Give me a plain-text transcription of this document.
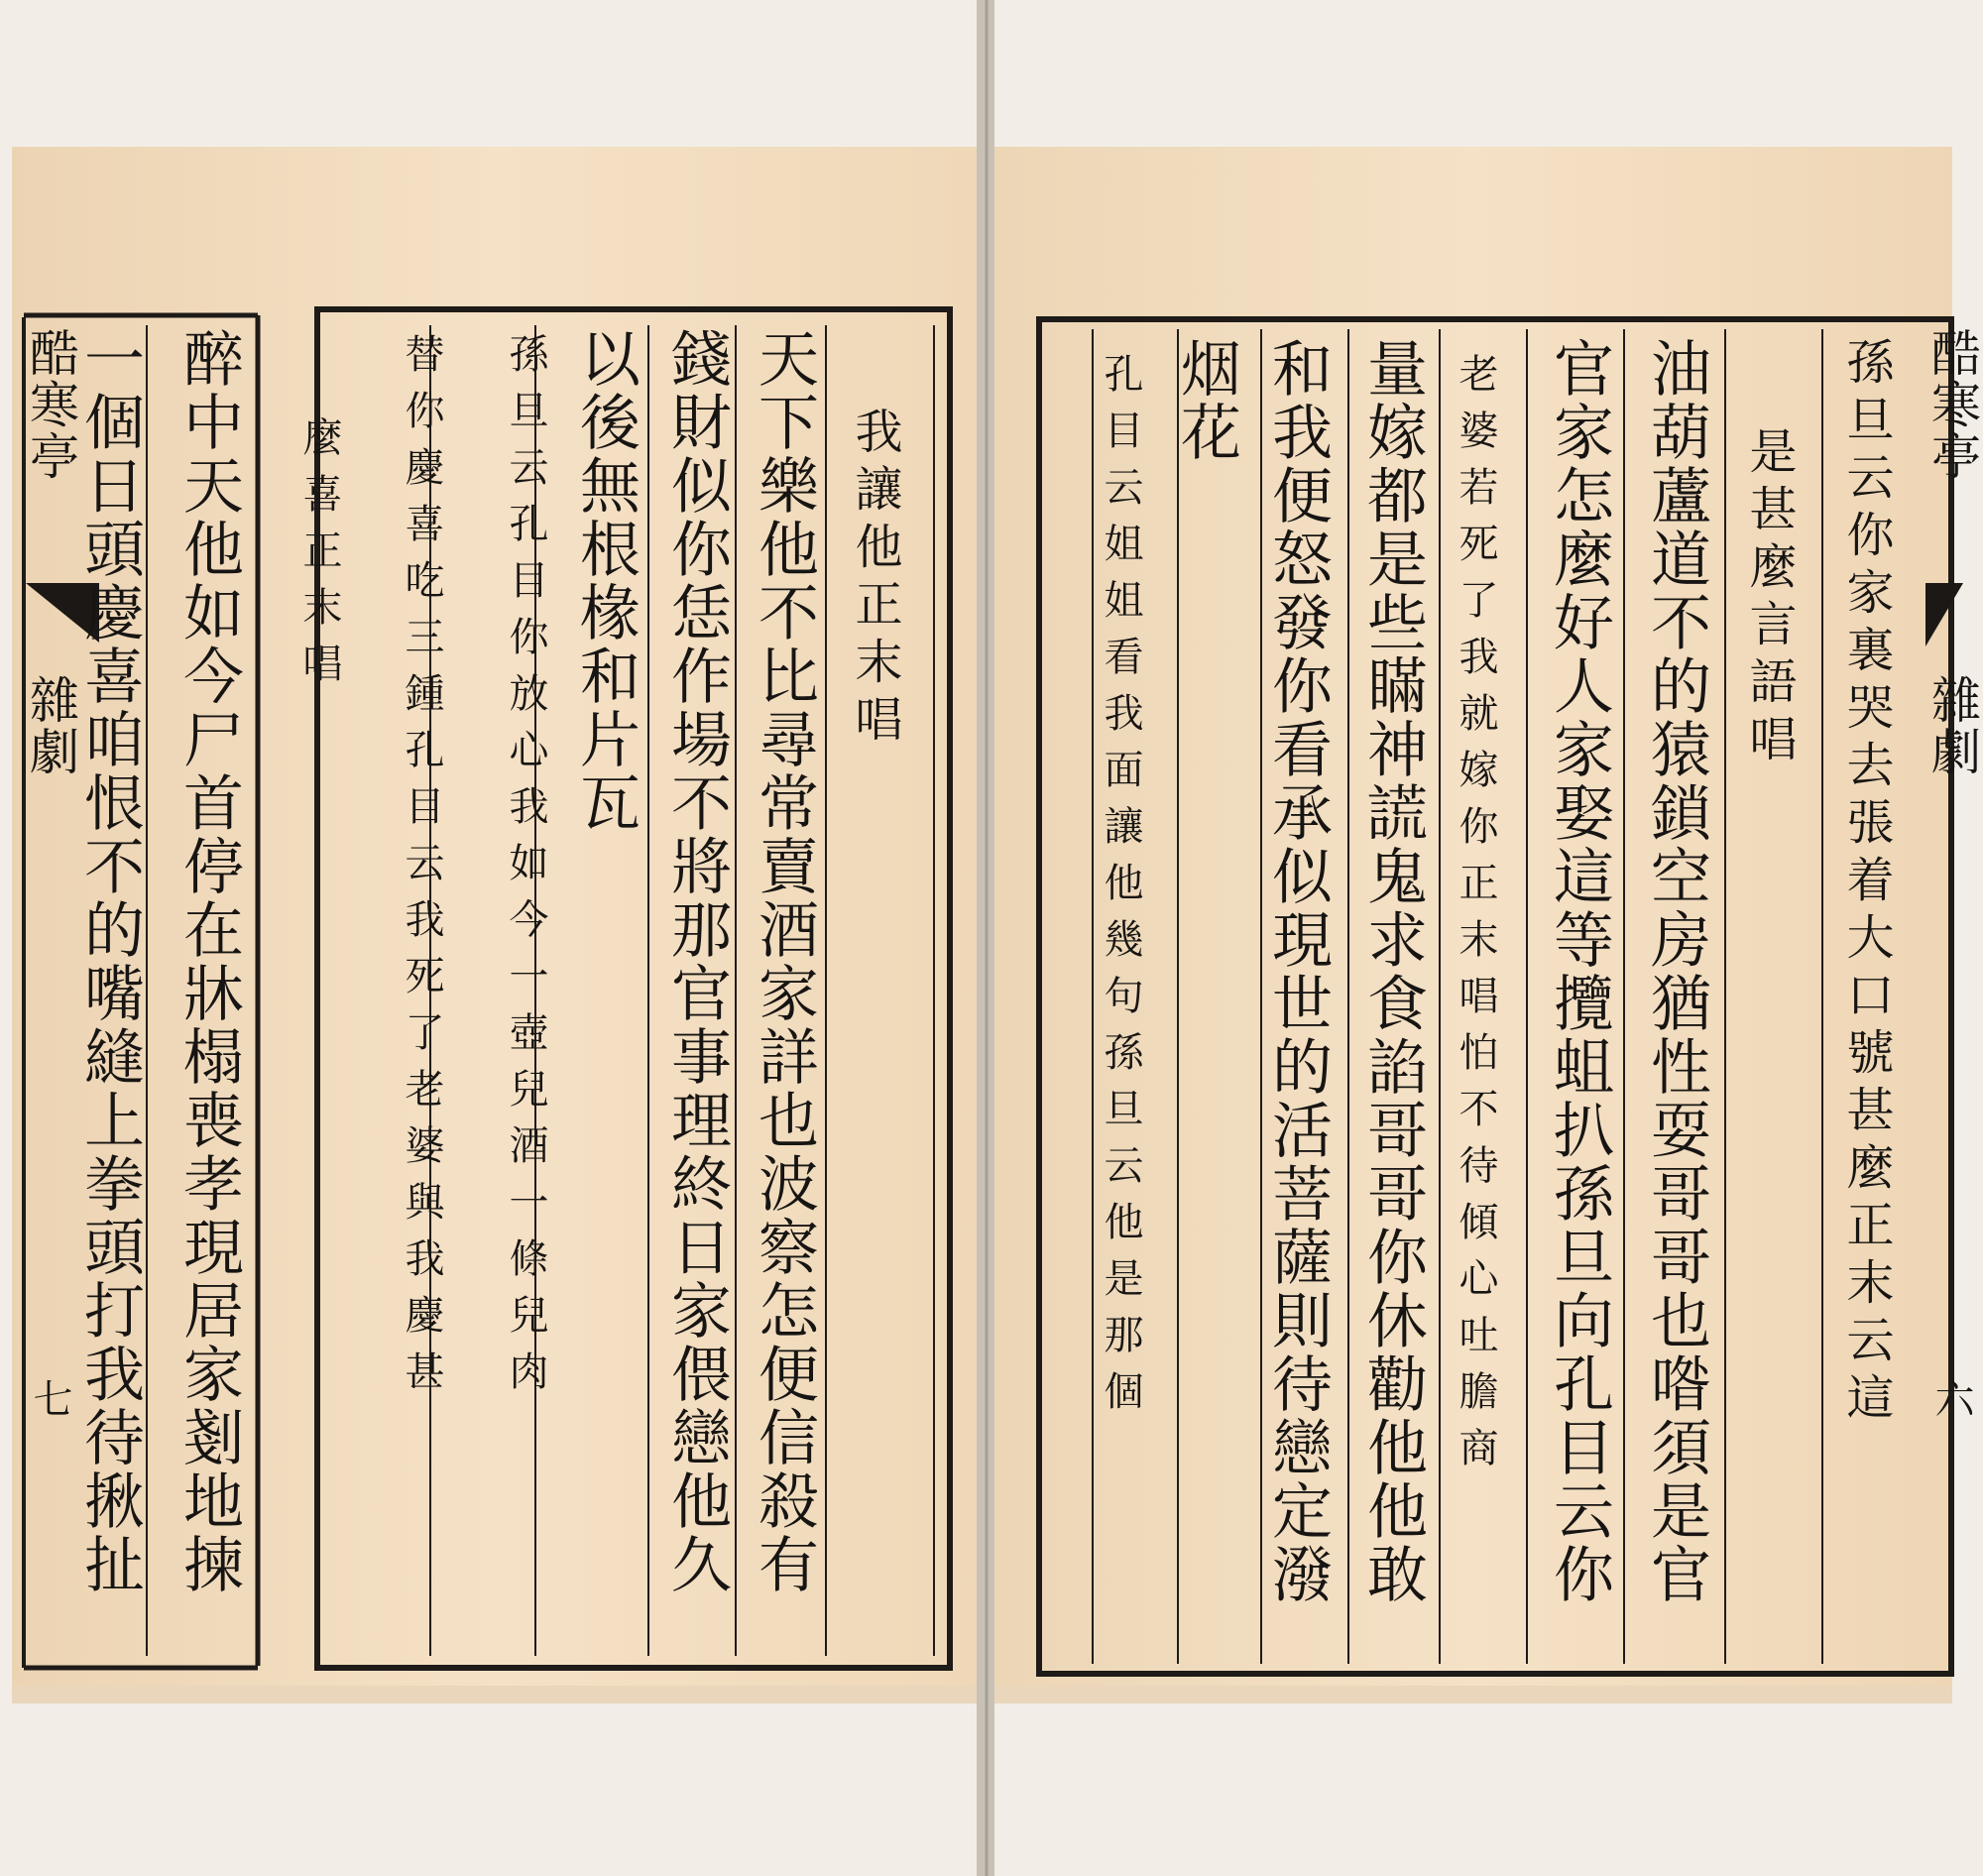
酷寒亭
雜劇
七 醉中天他如今尸首停在牀榻喪孝現居家剗地揀
一個日頭慶喜咱恨不的嘴縫上拳頭打我待揪扯	麼喜正末唱 替你慶喜吃三鍾孔目云我死了老婆與我慶甚 孫旦云孔目你放心我如今一壺兒酒一條兒肉	天下樂他不比尋常賣酒家詳也波察怎便信殺有
錢財似你恁作場不將那官事理終日家偎戀他久
以後無根椽和片瓦	我讓他正末唱	孔目云姐姐看我面讓他幾句孫旦云他是那個 烟花 和我便怒發你看承似現世的活菩薩則待戀定潑 量嫁都是些瞞神謊鬼求食諂哥哥你休勸他他敢 老婆若死了我就嫁你正末唱怕不待傾心吐膽商 官家怎麼好人家娶這等攬蛆扒孫旦向孔目云你 油葫蘆道不的猿鎖空房猶性耍哥哥也喒須是官 是甚麼言語唱 孫旦云你家裏哭去張着大口號甚麼正末云這 酷寒亭
雜劇
六
